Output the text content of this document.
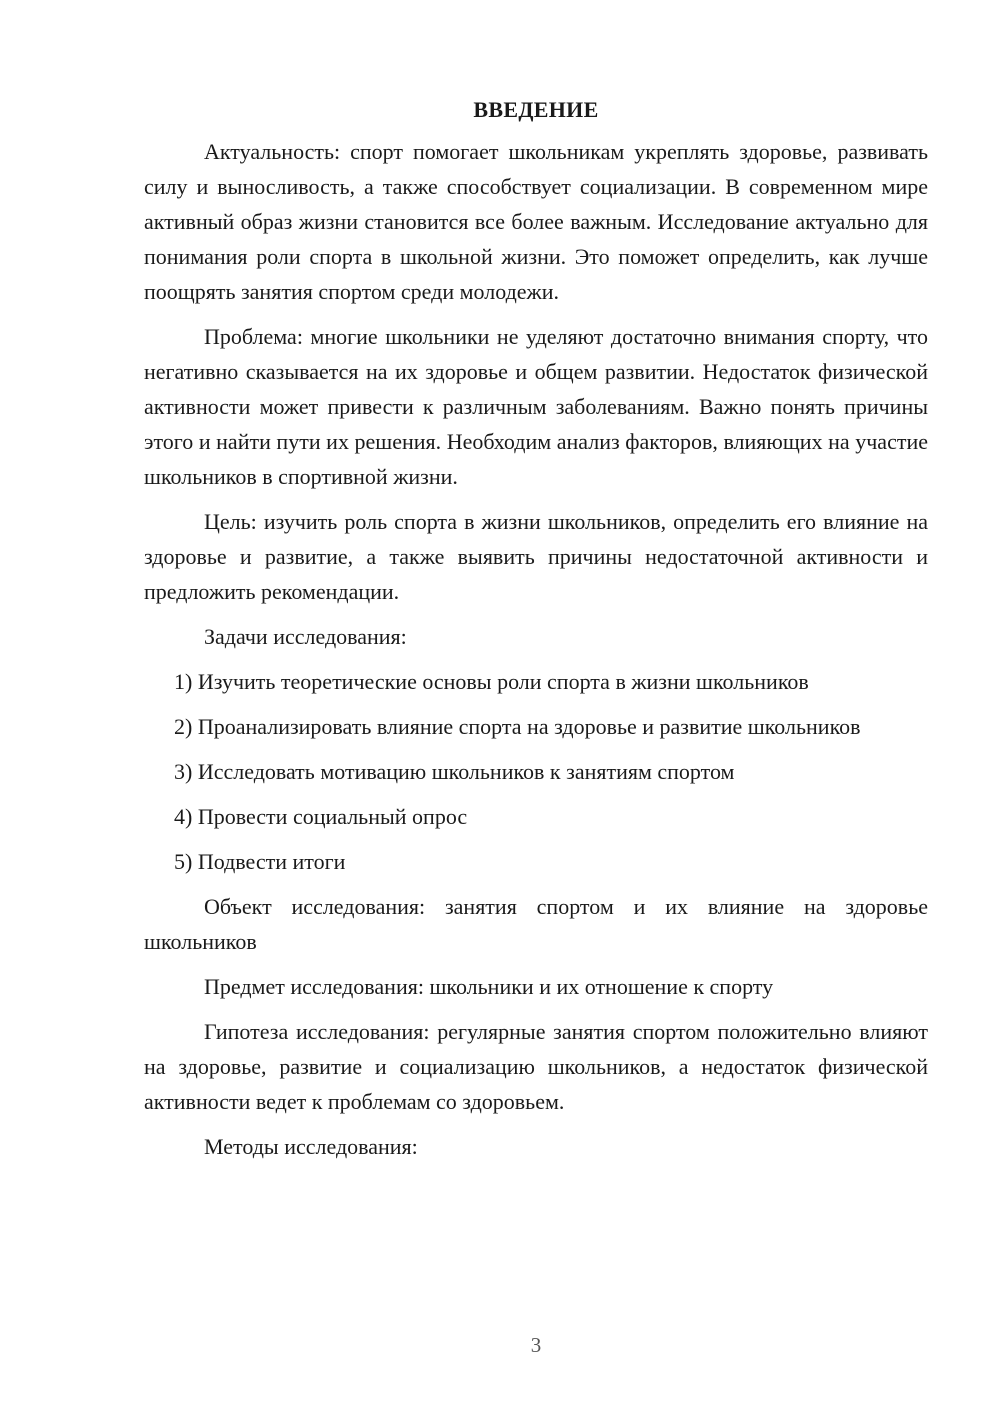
ВВЕДЕНИЕ

Актуальность: спорт помогает школьникам укреплять здоровье, развивать силу и выносливость, а также способствует социализации. В современном мире активный образ жизни становится все более важным. Исследование актуально для понимания роли спорта в школьной жизни. Это поможет определить, как лучше поощрять занятия спортом среди молодежи.

Проблема: многие школьники не уделяют достаточно внимания спорту, что негативно сказывается на их здоровье и общем развитии. Недостаток физической активности может привести к различным заболеваниям. Важно понять причины этого и найти пути их решения. Необходим анализ факторов, влияющих на участие школьников в спортивной жизни.

Цель: изучить роль спорта в жизни школьников, определить его влияние на здоровье и развитие, а также выявить причины недостаточной активности и предложить рекомендации.

Задачи исследования:

1) Изучить теоретические основы роли спорта в жизни школьников

2) Проанализировать влияние спорта на здоровье и развитие школьников

3) Исследовать мотивацию школьников к занятиям спортом

4) Провести социальный опрос

5) Подвести итоги

Объект исследования: занятия спортом и их влияние на здоровье школьников

Предмет исследования: школьники и их отношение к спорту

Гипотеза исследования: регулярные занятия спортом положительно влияют на здоровье, развитие и социализацию школьников, а недостаток физической активности ведет к проблемам со здоровьем.

Методы исследования:

3
